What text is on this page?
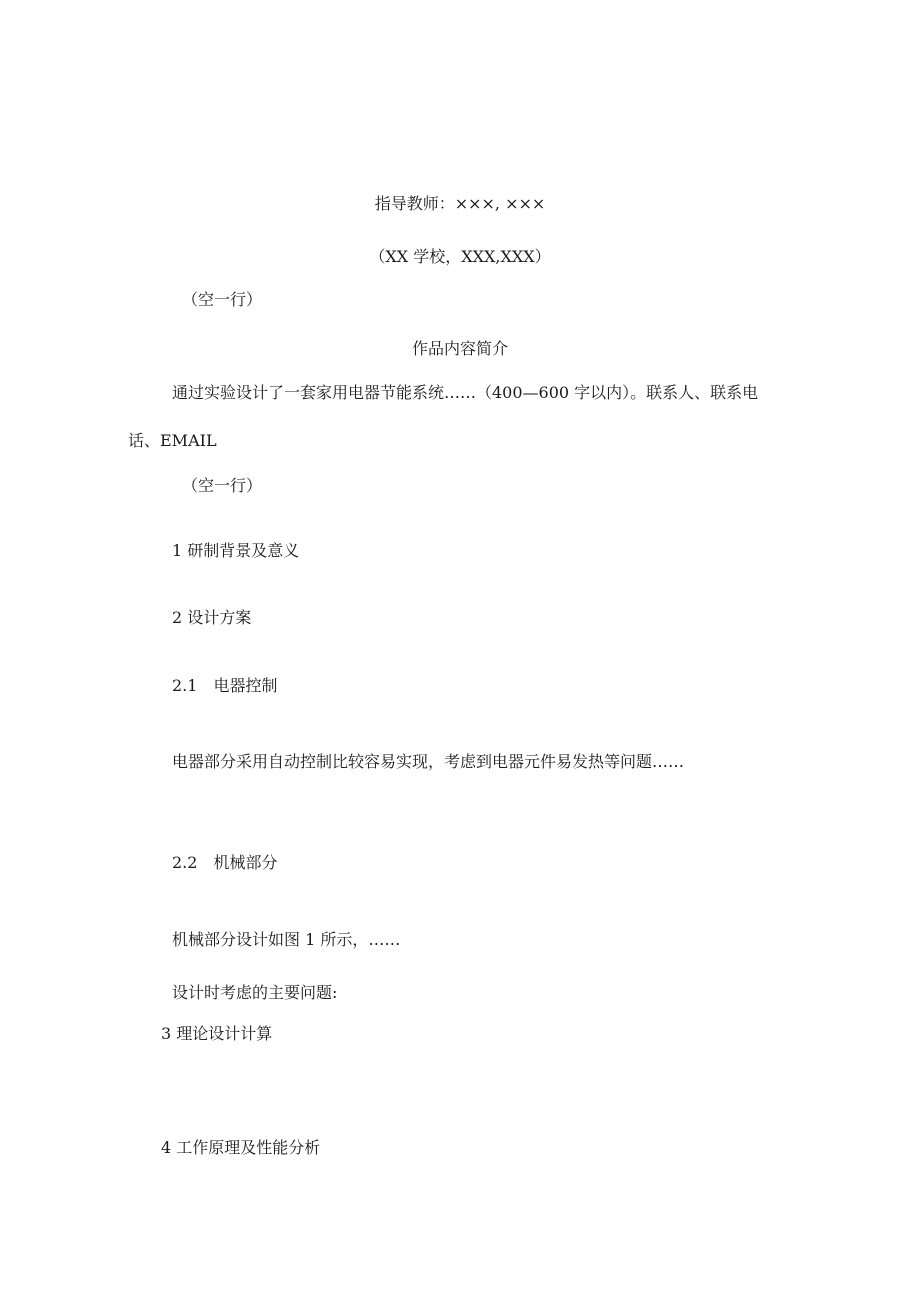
指导教师：×××, ×××
（XX 学校，XXX,XXX）
（空一行）
作品内容简介
通过实验设计了一套家用电器节能系统……（400—600 字以内）。联系人、联系电
话、EMAIL
（空一行）
1 研制背景及意义
2 设计方案
2.1　电器控制
电器部分采用自动控制比较容易实现，考虑到电器元件易发热等问题……
2.2　机械部分
机械部分设计如图 1 所示，……
设计时考虑的主要问题:
3 理论设计计算
4 工作原理及性能分析
